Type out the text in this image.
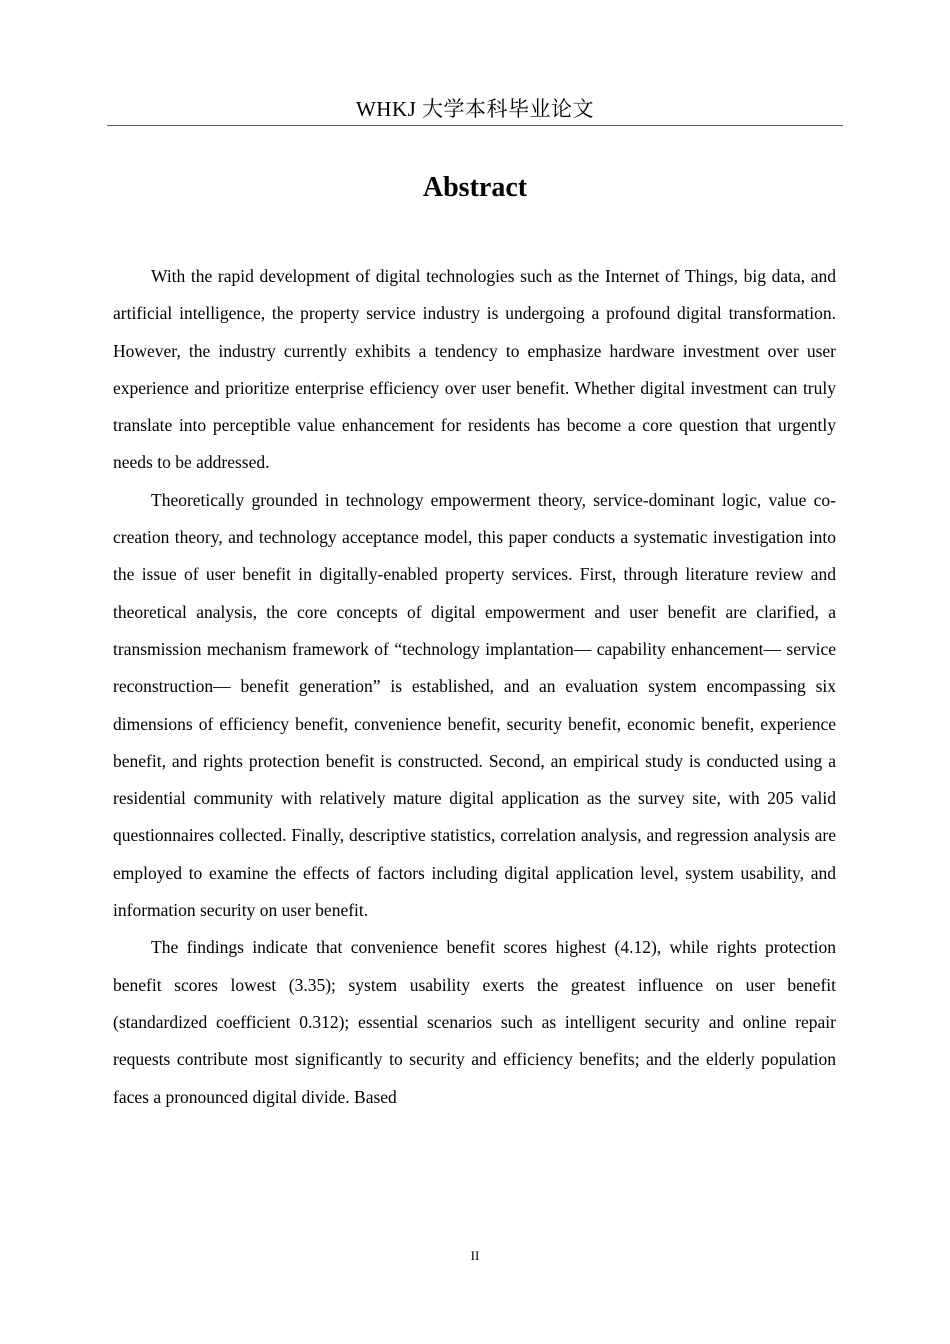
WHKJ 大学本科毕业论文
Abstract

With the rapid development of digital technologies such as the Internet of Things, big data, and artificial intelligence, the property service industry is undergoing a profound digital transformation. However, the industry currently exhibits a tendency to emphasize hardware investment over user experience and prioritize enterprise efficiency over user benefit. Whether digital investment can truly translate into perceptible value enhancement for residents has become a core question that urgently needs to be addressed.

Theoretically grounded in technology empowerment theory, service-dominant logic, value co-creation theory, and technology acceptance model, this paper conducts a systematic investigation into the issue of user benefit in digitally-enabled property services. First, through literature review and theoretical analysis, the core concepts of digital empowerment and user benefit are clarified, a transmission mechanism framework of “technology implantation— capability enhancement— service reconstruction— benefit generation” is established, and an evaluation system encompassing six dimensions of efficiency benefit, convenience benefit, security benefit, economic benefit, experience benefit, and rights protection benefit is constructed. Second, an empirical study is conducted using a residential community with relatively mature digital application as the survey site, with 205 valid questionnaires collected. Finally, descriptive statistics, correlation analysis, and regression analysis are employed to examine the effects of factors including digital application level, system usability, and information security on user benefit.

The findings indicate that convenience benefit scores highest (4.12), while rights protection benefit scores lowest (3.35); system usability exerts the greatest influence on user benefit (standardized coefficient 0.312); essential scenarios such as intelligent security and online repair requests contribute most significantly to security and efficiency benefits; and the elderly population faces a pronounced digital divide. Based

II
